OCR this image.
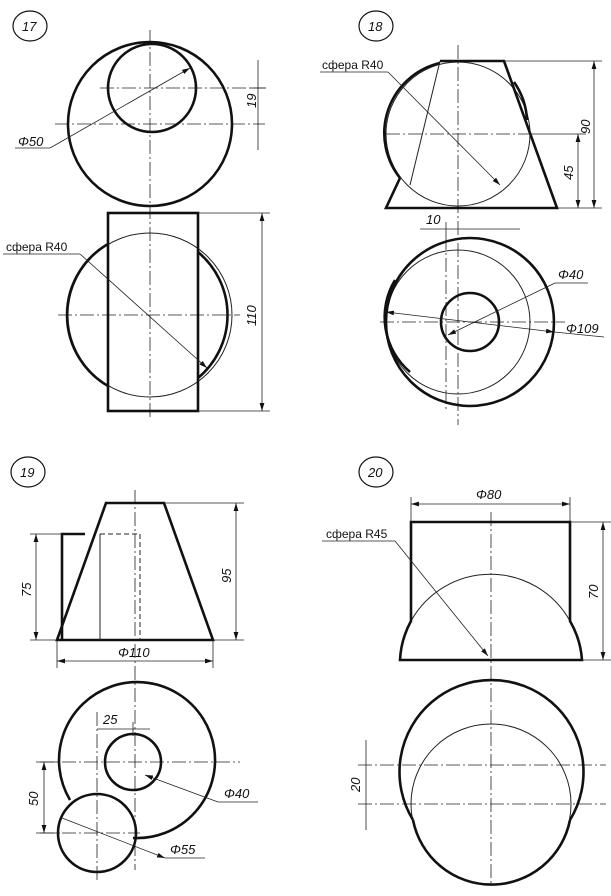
17
Φ50
19
сфера R40
110
18
сфера R40
90
45
10
Φ40
Φ109
19
75
95
Φ110
25
Φ40
50
Φ55
20
Φ80
сфера R45
70
20
